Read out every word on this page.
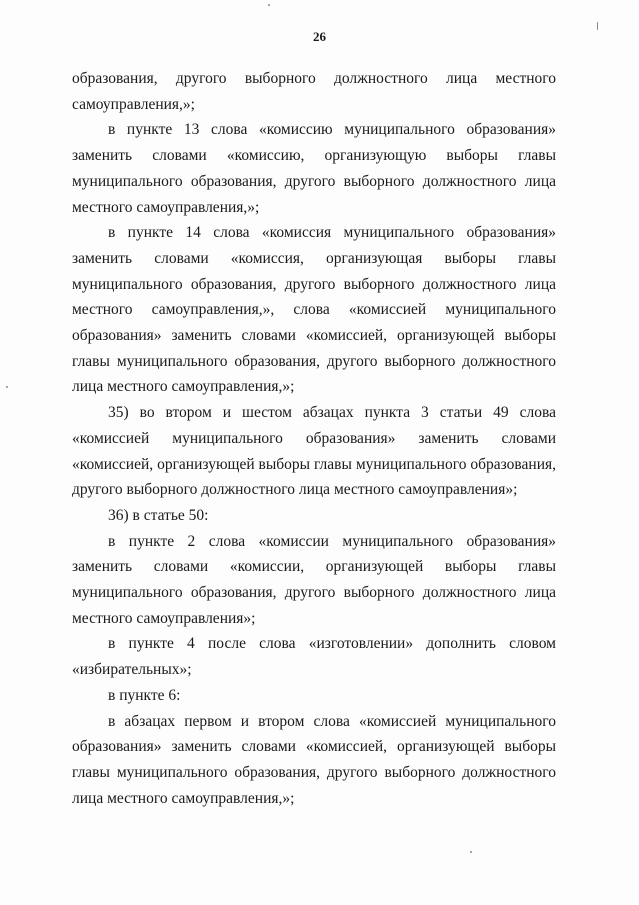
26

образования, другого выборного должностного лица местного самоуправления,»;

в пункте 13 слова «комиссию муниципального образования» заменить словами «комиссию, организующую выборы главы муниципального образования, другого выборного должностного лица местного самоуправления,»;

в пункте 14 слова «комиссия муниципального образования» заменить словами «комиссия, организующая выборы главы муниципального образования, другого выборного должностного лица местного самоуправления,», слова «комиссией муниципального образования» заменить словами «комиссией, организующей выборы главы муниципального образования, другого выборного должностного лица местного самоуправления,»;

35) во втором и шестом абзацах пункта 3 статьи 49 слова «комиссией муниципального образования» заменить словами «комиссией, организующей выборы главы муниципального образования, другого выборного должностного лица местного самоуправления»;

36) в статье 50:

в пункте 2 слова «комиссии муниципального образования» заменить словами «комиссии, организующей выборы главы муниципального образования, другого выборного должностного лица местного самоуправления»;

в пункте 4 после слова «изготовлении» дополнить словом «избирательных»;

в пункте 6:

в абзацах первом и втором слова «комиссией муниципального образования» заменить словами «комиссией, организующей выборы главы муниципального образования, другого выборного должностного лица местного самоуправления,»;
